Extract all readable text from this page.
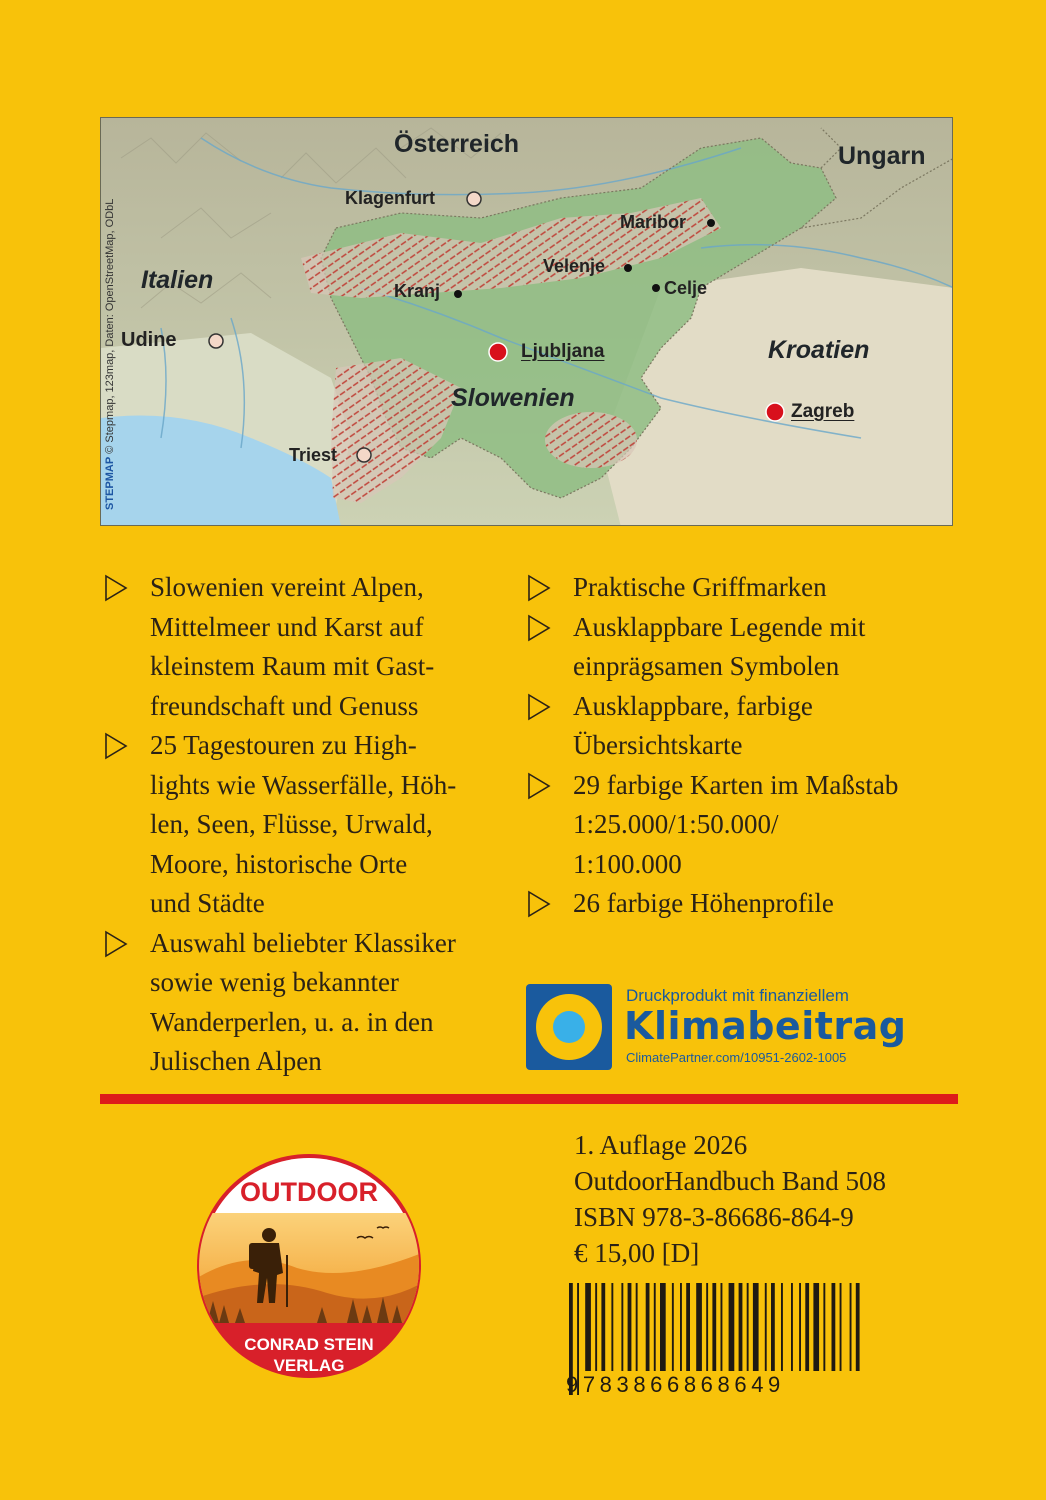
Österreich	Ungarn
Italien
Kroatien
Slowenien
Klagenfurt
Maribor
Velenje
Kranj	Celje
Udine
Ljubljana
Zagreb
Triest
STEPMAP © Stepmap, 123map, Daten: OpenStreetMap, ODbL
Slowenien vereint Alpen,
Mittelmeer und Karst auf
kleinstem Raum mit Gast-
freundschaft und Genuss
25 Tagestouren zu High-
lights wie Wasserfälle, Höh-
len, Seen, Flüsse, Urwald,
Moore, historische Orte
und Städte
Auswahl beliebter Klassiker
sowie wenig bekannter
Wanderperlen, u. a. in den
Julischen Alpen
Praktische Griffmarken
Ausklappbare Legende mit
einprägsamen Symbolen
Ausklappbare, farbige
Übersichtskarte
29 farbige Karten im Maßstab
1:25.000/1:50.000/
1:100.000
26 farbige Höhenprofile
Druckprodukt mit finanziellem
Klimabeitrag
ClimatePartner.com/10951-2602-1005
OUTDOOR
CONRAD STEIN
VERLAG
1. Auflage 2026
OutdoorHandbuch Band 508
ISBN 978-3-86686-864-9
€ 15,00 [D]
9783866868649
